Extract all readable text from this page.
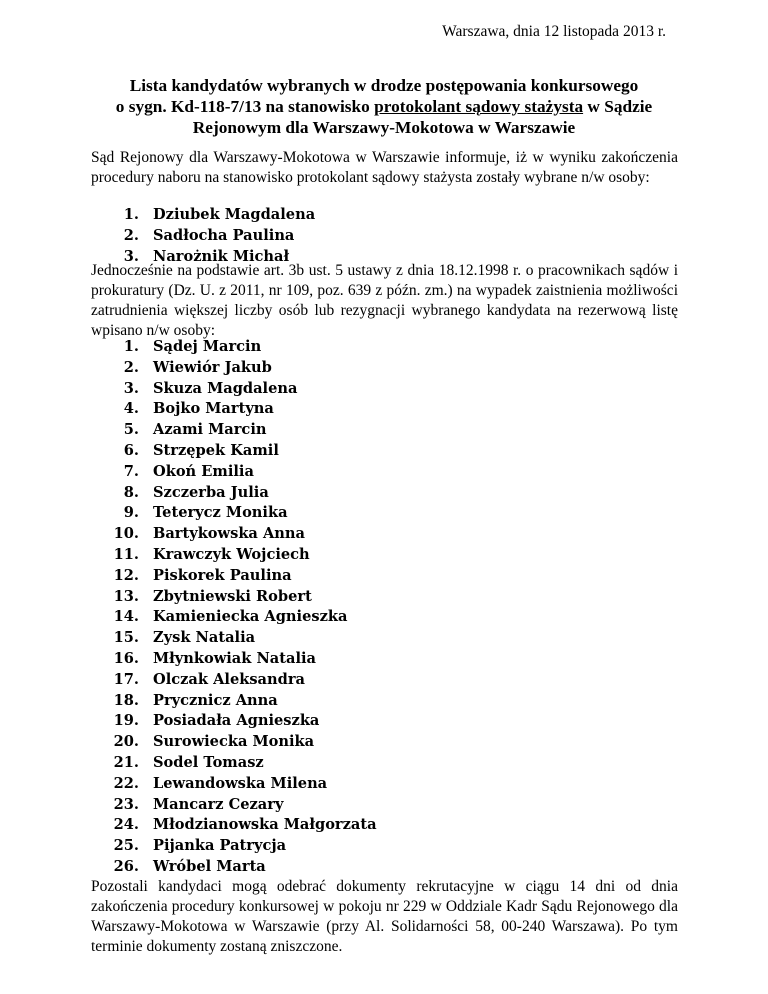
Warszawa, dnia 12 listopada 2013 r.
Lista kandydatów wybranych w drodze postępowania konkursowego
o sygn. Kd-118-7/13 na stanowisko protokolant sądowy stażysta w Sądzie
Rejonowym dla Warszawy-Mokotowa w Warszawie
Sąd Rejonowy dla Warszawy-Mokotowa w Warszawie informuje, iż w wyniku zakończenia procedury naboru na stanowisko protokolant sądowy stażysta zostały wybrane n/w osoby:
1. Dziubek Magdalena
2. Sadłocha Paulina
3. Narożnik Michał
Jednocześnie na podstawie art. 3b ust. 5 ustawy z dnia 18.12.1998 r. o pracownikach sądów i prokuratury (Dz. U. z 2011, nr 109, poz. 639 z późn. zm.) na wypadek zaistnienia możliwości zatrudnienia większej liczby osób lub rezygnacji wybranego kandydata na rezerwową listę wpisano n/w osoby:
1. Sądej Marcin
2. Wiewiór Jakub
3. Skuza Magdalena
4. Bojko Martyna
5. Azami Marcin
6. Strzępek Kamil
7. Okoń Emilia
8. Szczerba Julia
9. Teterycz Monika
10. Bartykowska Anna
11. Krawczyk Wojciech
12. Piskorek Paulina
13. Zbytniewski Robert
14. Kamieniecka Agnieszka
15. Zysk Natalia
16. Młynkowiak Natalia
17. Olczak Aleksandra
18. Prycznicz Anna
19. Posiadała Agnieszka
20. Surowiecka Monika
21. Sodel Tomasz
22. Lewandowska Milena
23. Mancarz Cezary
24. Młodzianowska Małgorzata
25. Pijanka Patrycja
26. Wróbel Marta
Pozostali kandydaci mogą odebrać dokumenty rekrutacyjne w ciągu 14 dni od dnia zakończenia procedury konkursowej w pokoju nr 229 w Oddziale Kadr Sądu Rejonowego dla Warszawy-Mokotowa w Warszawie (przy Al. Solidarności 58, 00-240 Warszawa). Po tym terminie dokumenty zostaną zniszczone.
